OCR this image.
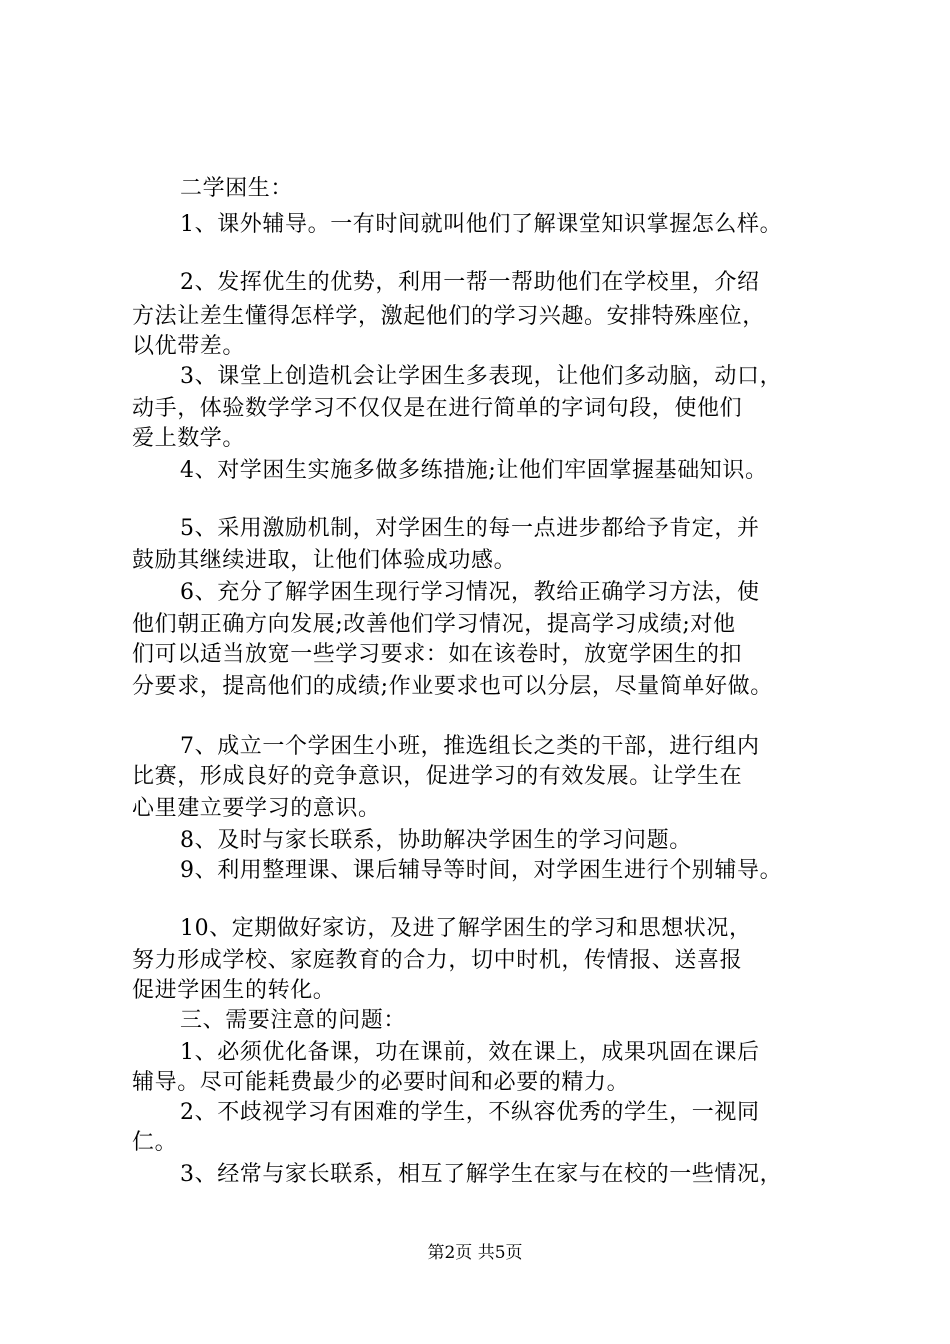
二学困生：
1、课外辅导。一有时间就叫他们了解课堂知识掌握怎么样。
2、发挥优生的优势，利用一帮一帮助他们在学校里，介绍
方法让差生懂得怎样学，激起他们的学习兴趣。安排特殊座位，
以优带差。
3、课堂上创造机会让学困生多表现，让他们多动脑，动口，
动手，体验数学学习不仅仅是在进行简单的字词句段，使他们
爱上数学。
4、对学困生实施多做多练措施;让他们牢固掌握基础知识。
5、采用激励机制，对学困生的每一点进步都给予肯定，并
鼓励其继续进取，让他们体验成功感。
6、充分了解学困生现行学习情况，教给正确学习方法，使
他们朝正确方向发展;改善他们学习情况，提高学习成绩;对他
们可以适当放宽一些学习要求：如在该卷时，放宽学困生的扣
分要求，提高他们的成绩;作业要求也可以分层，尽量简单好做。
7、成立一个学困生小班，推选组长之类的干部，进行组内
比赛，形成良好的竞争意识，促进学习的有效发展。让学生在
心里建立要学习的意识。
8、及时与家长联系，协助解决学困生的学习问题。
9、利用整理课、课后辅导等时间，对学困生进行个别辅导。
10、定期做好家访，及进了解学困生的学习和思想状况，
努力形成学校、家庭教育的合力，切中时机，传情报、送喜报
促进学困生的转化。
三、需要注意的问题：
1、必须优化备课，功在课前，效在课上，成果巩固在课后
辅导。尽可能耗费最少的必要时间和必要的精力。
2、不歧视学习有困难的学生，不纵容优秀的学生，一视同
仁。
3、经常与家长联系，相互了解学生在家与在校的一些情况，
第2页 共5页
